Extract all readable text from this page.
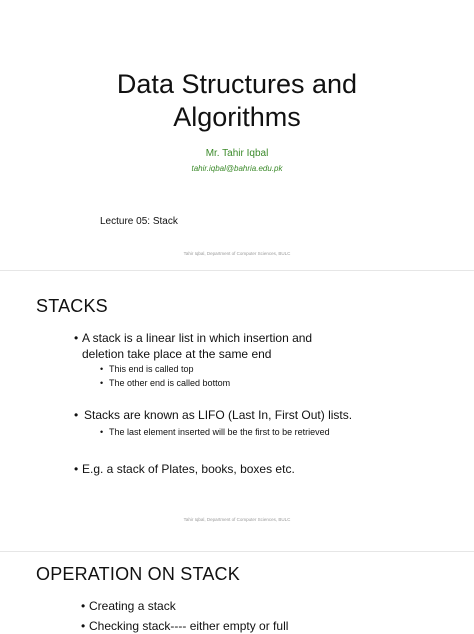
Data Structures and
Algorithms
Mr. Tahir Iqbal
tahir.iqbal@bahria.edu.pk
Lecture 05: Stack
Tahir Iqbal, Department of Computer Sciences, BULC
STACKS
• A stack is a linear list in which insertion and
deletion take place at the same end
• This end is called top
• The other end is called bottom
• Stacks are known as LIFO (Last In, First Out) lists.
• The last element inserted will be the first to be retrieved
• E.g. a stack of Plates, books, boxes etc.
Tahir Iqbal, Department of Computer Sciences, BULC
OPERATION ON STACK
• Creating a stack
• Checking stack---- either empty or full
